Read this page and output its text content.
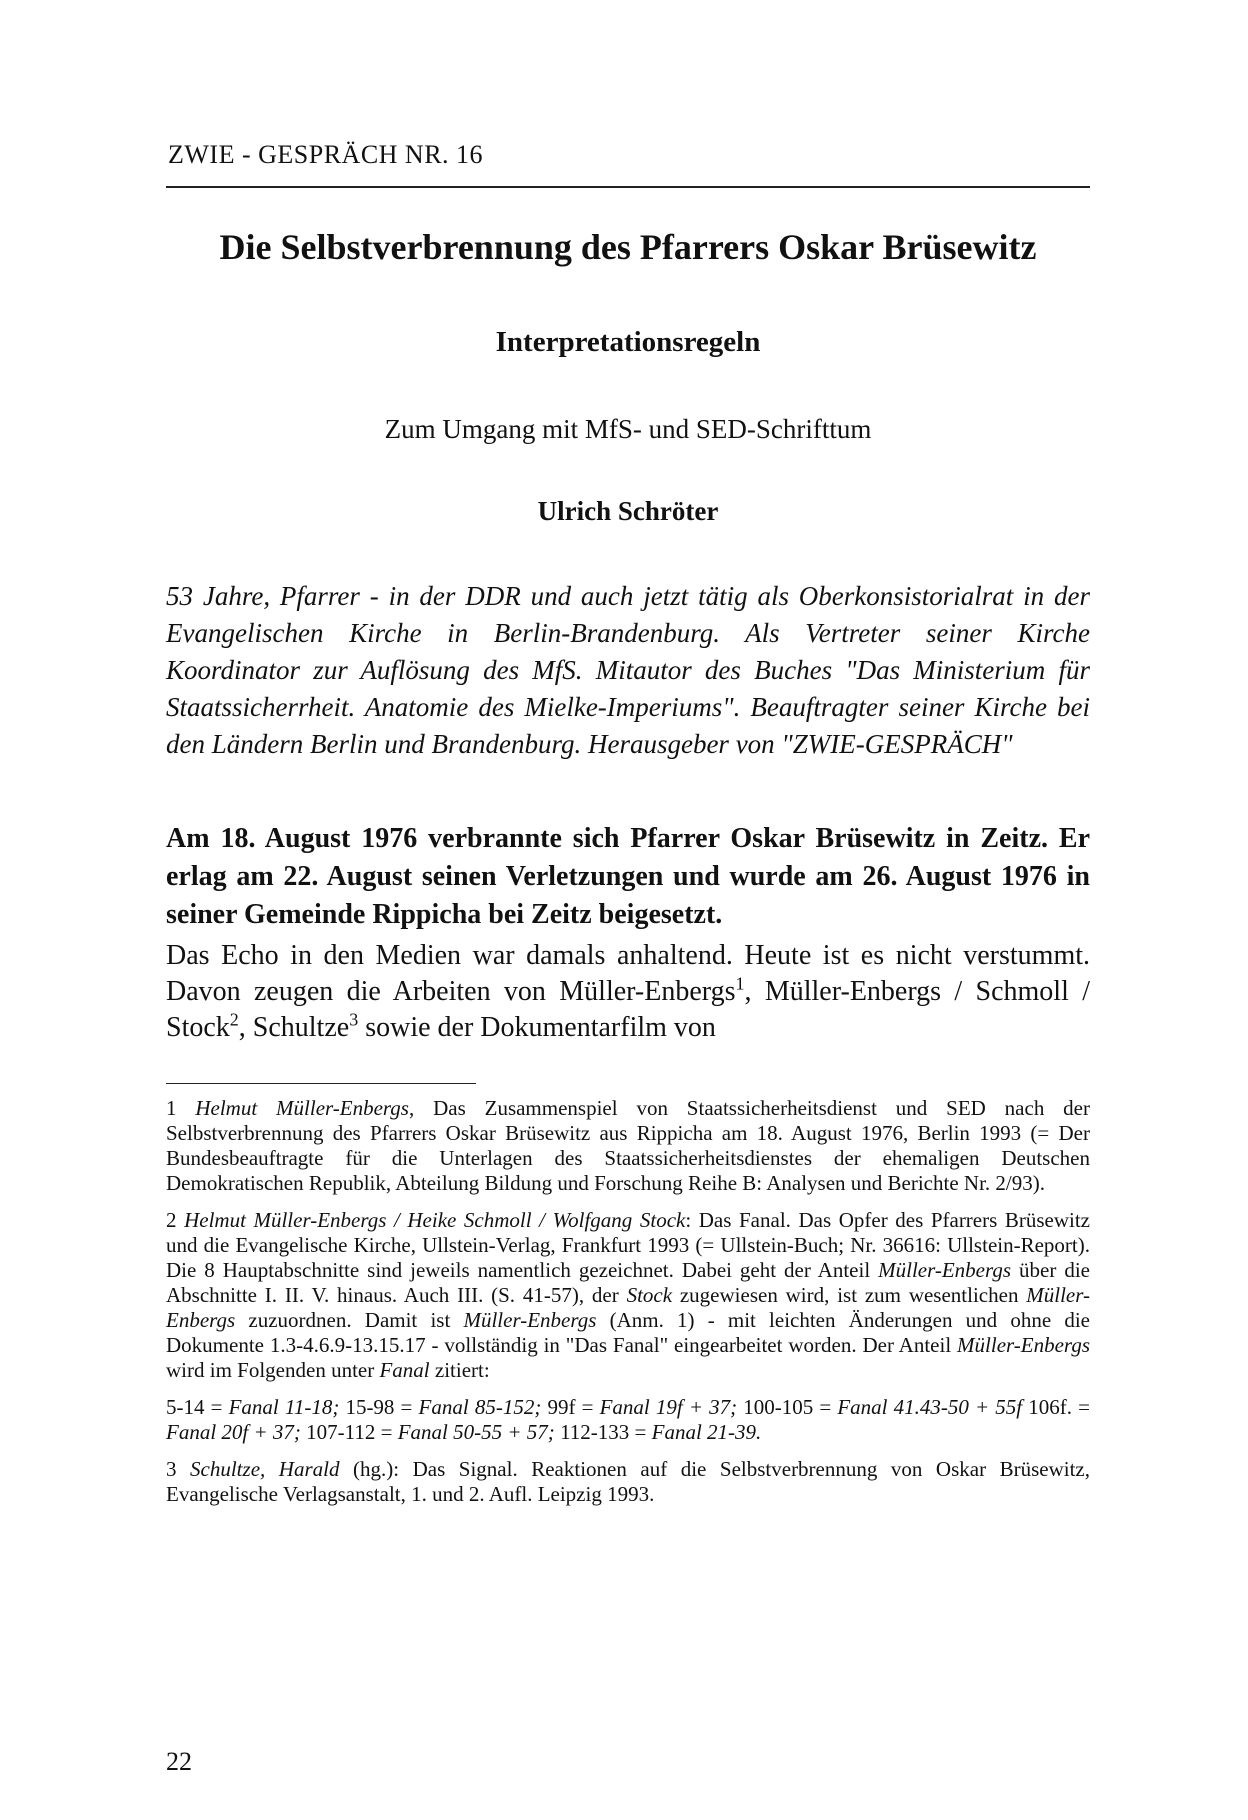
ZWIE - GESPRÄCH NR. 16
Die Selbstverbrennung des Pfarrers Oskar Brüsewitz
Interpretationsregeln
Zum Umgang mit MfS- und SED-Schrifttum
Ulrich Schröter

53 Jahre, Pfarrer - in der DDR und auch jetzt tätig als Oberkonsistorialrat in der Evangelischen Kirche in Berlin-Brandenburg. Als Vertreter seiner Kirche Koordinator zur Auflösung des MfS. Mitautor des Buches "Das Ministerium für Staatssicherrheit. Anatomie des Mielke-Imperiums". Beauftragter seiner Kirche bei den Ländern Berlin und Brandenburg. Herausgeber von "ZWIE-GESPRÄCH"

Am 18. August 1976 verbrannte sich Pfarrer Oskar Brüsewitz in Zeitz. Er erlag am 22. August seinen Verletzungen und wurde am 26. August 1976 in seiner Gemeinde Rippicha bei Zeitz beigesetzt.

Das Echo in den Medien war damals anhaltend. Heute ist es nicht verstummt. Davon zeugen die Arbeiten von Müller-Enbergs$^1$, Müller-Enbergs / Schmoll / Stock$^2$, Schultze$^3$ sowie der Dokumentarfilm von

1 Helmut Müller-Enbergs, Das Zusammenspiel von Staatssicherheitsdienst und SED nach der Selbstverbrennung des Pfarrers Oskar Brüsewitz aus Rippicha am 18. August 1976, Berlin 1993 (= Der Bundesbeauftragte für die Unterlagen des Staatssicherheitsdienstes der ehemaligen Deutschen Demokratischen Republik, Abteilung Bildung und Forschung Reihe B: Analysen und Berichte Nr. 2/93).
2 Helmut Müller-Enbergs / Heike Schmoll / Wolfgang Stock: Das Fanal. Das Opfer des Pfarrers Brüsewitz und die Evangelische Kirche, Ullstein-Verlag, Frankfurt 1993 (= Ullstein-Buch; Nr. 36616: Ullstein-Report). Die 8 Hauptabschnitte sind jeweils namentlich gezeichnet. Dabei geht der Anteil Müller-Enbergs über die Abschnitte I. II. V. hinaus. Auch III. (S. 41-57), der Stock zugewiesen wird, ist zum wesentlichen Müller-Enbergs zuzuordnen. Damit ist Müller-Enbergs (Anm. 1) - mit leichten Änderungen und ohne die Dokumente 1.3-4.6.9-13.15.17 - vollständig in "Das Fanal" eingearbeitet worden. Der Anteil Müller-Enbergs wird im Folgenden unter Fanal zitiert:
5-14 = Fanal 11-18; 15-98 = Fanal 85-152; 99f = Fanal 19f + 37; 100-105 = Fanal 41.43-50 + 55f 106f. = Fanal 20f + 37; 107-112 = Fanal 50-55 + 57; 112-133 = Fanal 21-39.
3 Schultze, Harald (hg.): Das Signal. Reaktionen auf die Selbstverbrennung von Oskar Brüsewitz, Evangelische Verlagsanstalt, 1. und 2. Aufl. Leipzig 1993.
22
